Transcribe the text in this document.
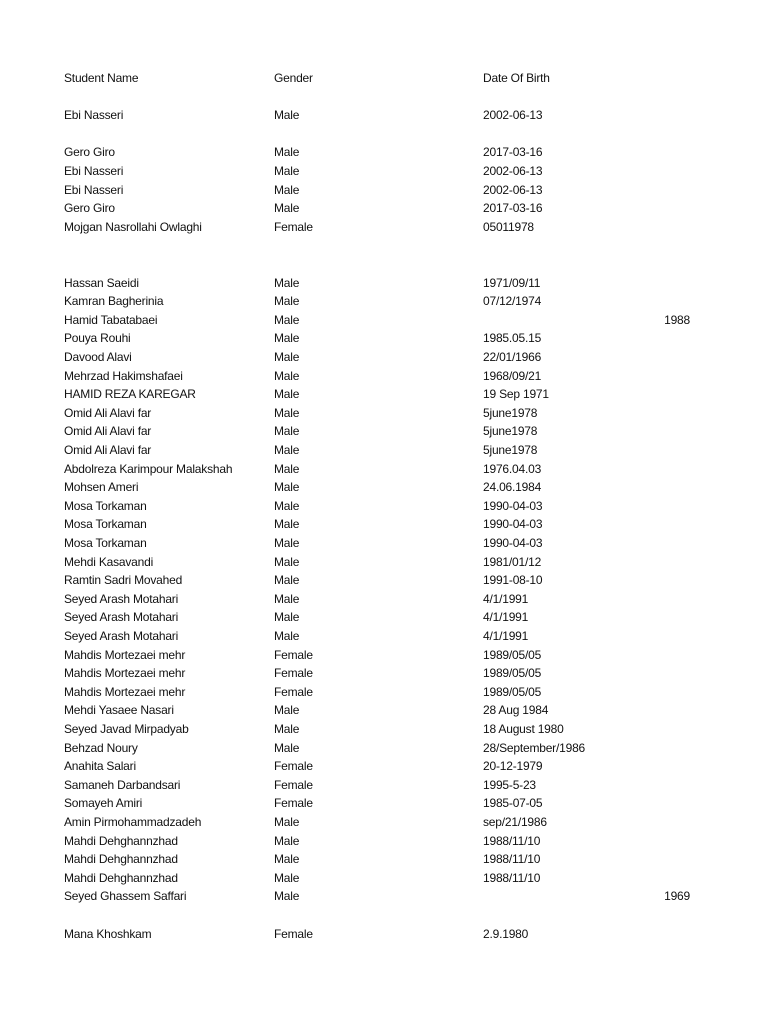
Student Name	Gender	Date Of Birth
Ebi Nasseri	Male	2002-06-13
Gero Giro	Male	2017-03-16
Ebi Nasseri	Male	2002-06-13
Ebi Nasseri	Male	2002-06-13
Gero Giro	Male	2017-03-16
Mojgan Nasrollahi Owlaghi	Female	05011978
Hassan Saeidi	Male	1971/09/11
Kamran Bagherinia	Male	07/12/1974
Hamid Tabatabaei	Male	1988
Pouya Rouhi	Male	1985.05.15
Davood Alavi	Male	22/01/1966
Mehrzad Hakimshafaei	Male	1968/09/21
HAMID REZA KAREGAR	Male	19 Sep 1971
Omid Ali Alavi far	Male	5june1978
Omid Ali Alavi far	Male	5june1978
Omid Ali Alavi far	Male	5june1978
Abdolreza Karimpour Malakshah	Male	1976.04.03
Mohsen Ameri	Male	24.06.1984
Mosa Torkaman	Male	1990-04-03
Mosa Torkaman	Male	1990-04-03
Mosa Torkaman	Male	1990-04-03
Mehdi Kasavandi	Male	1981/01/12
Ramtin Sadri Movahed	Male	1991-08-10
Seyed Arash Motahari	Male	4/1/1991
Seyed Arash Motahari	Male	4/1/1991
Seyed Arash Motahari	Male	4/1/1991
Mahdis Mortezaei mehr	Female	1989/05/05
Mahdis Mortezaei mehr	Female	1989/05/05
Mahdis Mortezaei mehr	Female	1989/05/05
Mehdi Yasaee Nasari	Male	28 Aug 1984
Seyed Javad Mirpadyab	Male	18 August 1980
Behzad Noury	Male	28/September/1986
Anahita Salari	Female	20-12-1979
Samaneh Darbandsari	Female	1995-5-23
Somayeh Amiri	Female	1985-07-05
Amin Pirmohammadzadeh	Male	sep/21/1986
Mahdi Dehghannzhad	Male	1988/11/10
Mahdi Dehghannzhad	Male	1988/11/10
Mahdi Dehghannzhad	Male	1988/11/10
Seyed Ghassem Saffari	Male	1969
Mana Khoshkam	Female	2.9.1980
